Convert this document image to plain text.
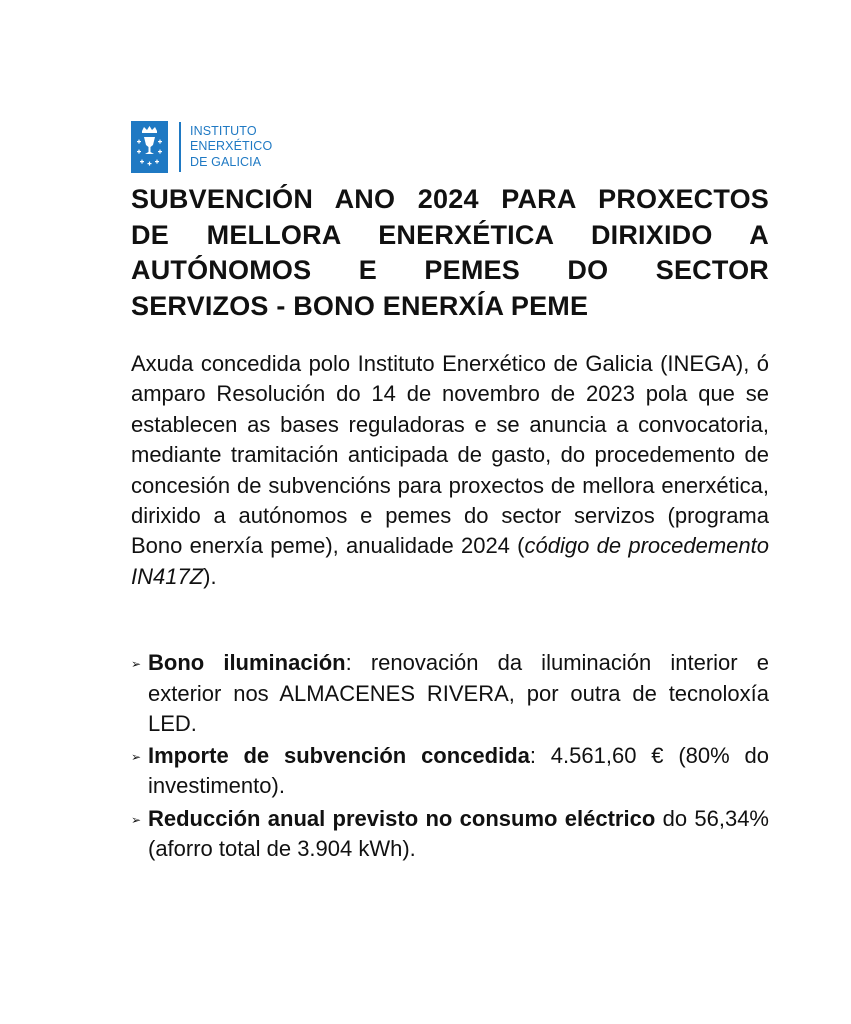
INSTITUTO
ENERXÉTICO
DE GALICIA
SUBVENCIÓN ANO 2024 PARA PROXECTOS
DE MELLORA ENERXÉTICA DIRIXIDO A
AUTÓNOMOS E PEMES DO SECTOR
SERVIZOS - BONO ENERXÍA PEME
Axuda concedida polo Instituto Enerxético de Galicia (INEGA), ó amparo Resolución do 14 de novembro de 2023 pola que se establecen as bases reguladoras e se anuncia a convocatoria, mediante tramitación anticipada de gasto, do procedemento de concesión de subvencións para proxectos de mellora enerxética, dirixido a autónomos e pemes do sector servizos (programa Bono enerxía peme), anualidade 2024 (código de procedemento IN417Z).
➢ Bono iluminación: renovación da iluminación interior e exterior nos ALMACENES RIVERA, por outra de tecnoloxía LED.
➢ Importe de subvención concedida: 4.561,60 € (80% do investimento).
➢ Reducción anual previsto no consumo eléctrico do 56,34% (aforro total de 3.904 kWh).
